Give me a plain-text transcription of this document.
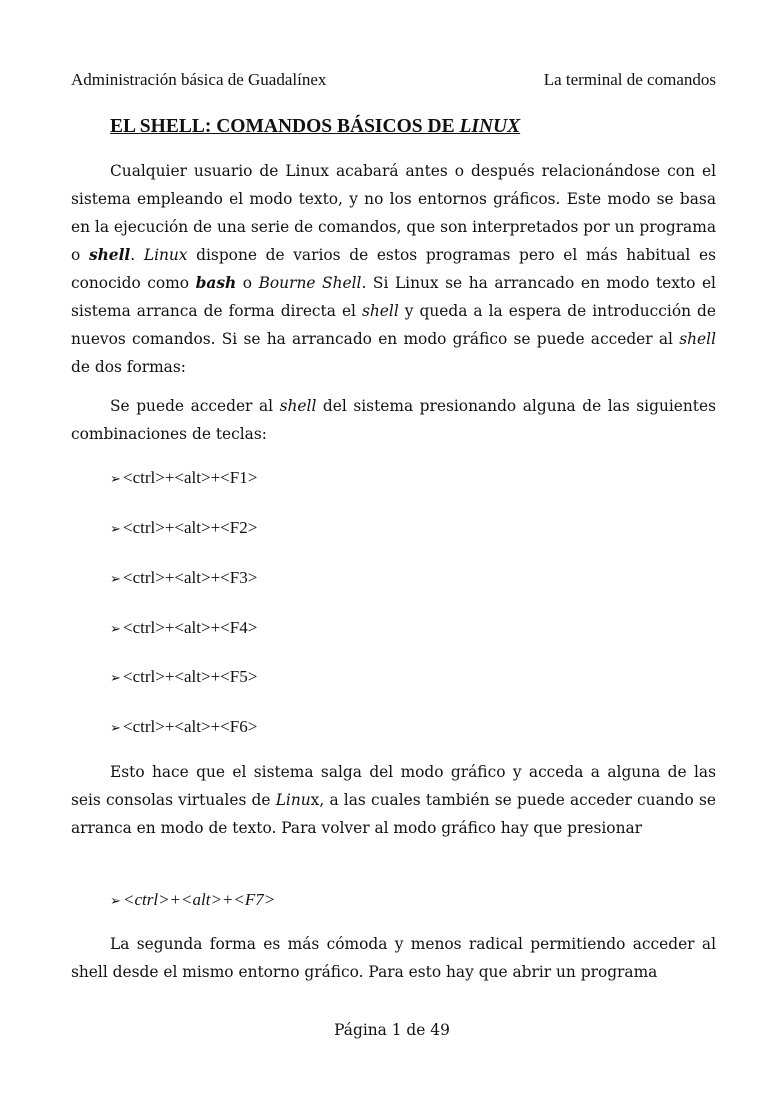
Administración básica de Guadalínex	La terminal de comandos
EL SHELL: COMANDOS BÁSICOS DE LINUX

Cualquier usuario de Linux acabará antes o después relacionándose con el sistema empleando el modo texto, y no los entornos gráficos. Este modo se basa en la ejecución de una serie de comandos, que son interpretados por un programa o shell. Linux dispone de varios de estos programas pero el más habitual es conocido como bash o Bourne Shell. Si Linux se ha arrancado en modo texto el sistema arranca de forma directa el shell y queda a la espera de introducción de nuevos comandos. Si se ha arrancado en modo gráfico se puede acceder al shell de dos formas:

Se puede acceder al shell del sistema presionando alguna de las siguientes combinaciones de teclas:

➢ <ctrl>+<alt>+<F1>
➢ <ctrl>+<alt>+<F2>
➢ <ctrl>+<alt>+<F3>
➢ <ctrl>+<alt>+<F4>
➢ <ctrl>+<alt>+<F5>
➢ <ctrl>+<alt>+<F6>

Esto hace que el sistema salga del modo gráfico y acceda a alguna de las seis consolas virtuales de Linux, a las cuales también se puede acceder cuando se arranca en modo de texto. Para volver al modo gráfico hay que presionar

➢ <ctrl>+<alt>+<F7>

La segunda forma es más cómoda y menos radical permitiendo acceder al shell desde el mismo entorno gráfico. Para esto hay que abrir un programa

Página 1 de 49
